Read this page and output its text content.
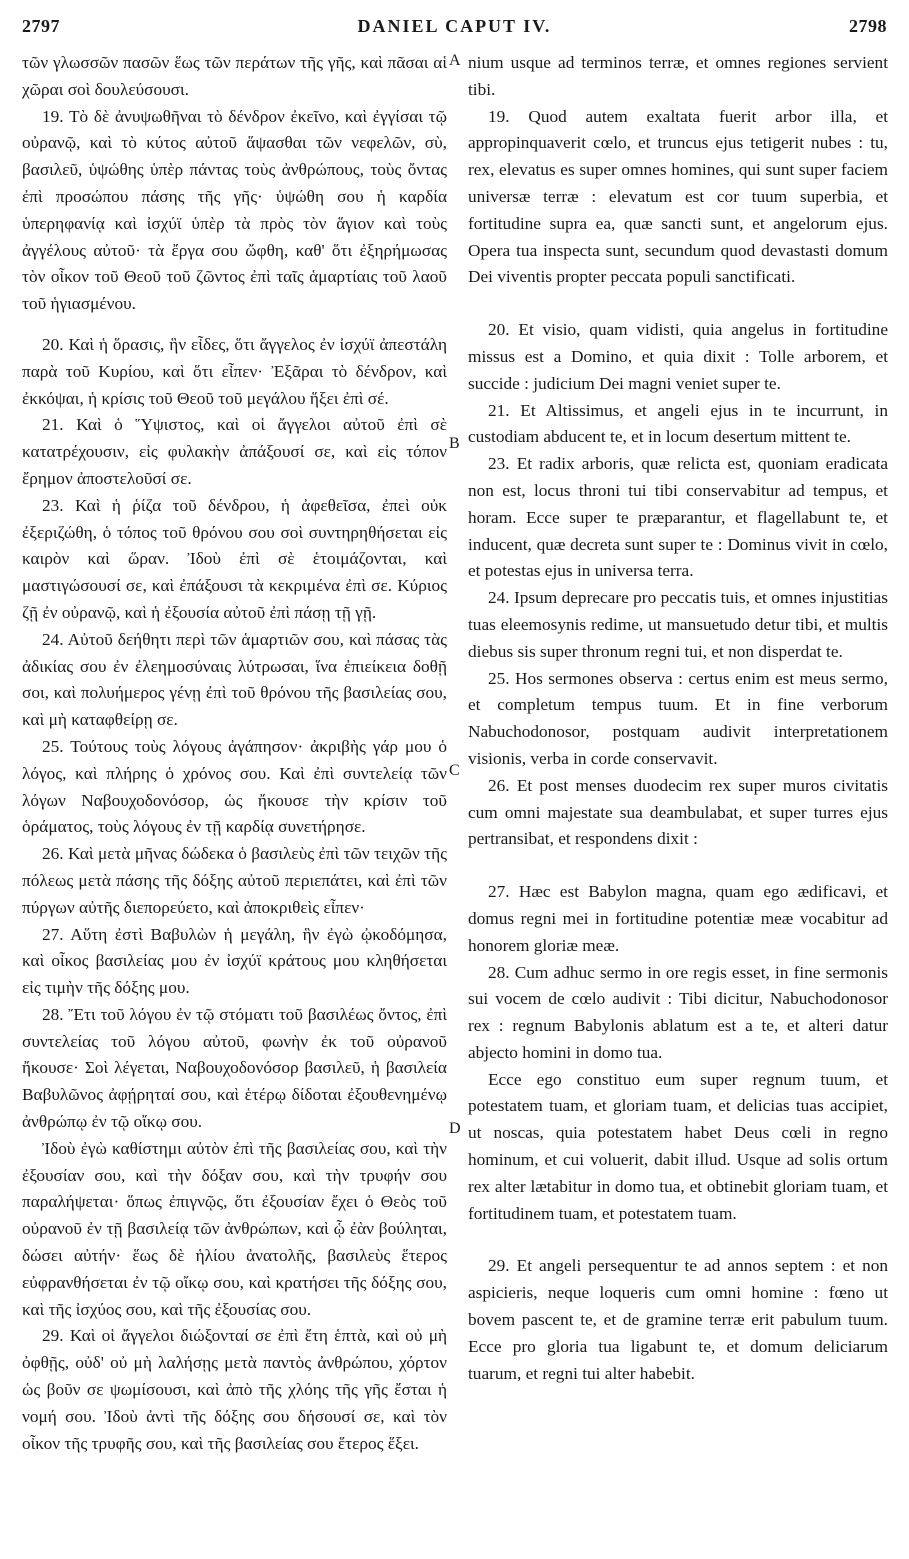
2797	DANIEL CAPUT IV.	2798
A
B
C
D

τῶν γλωσσῶν πασῶν ἕως τῶν περάτων τῆς γῆς, καὶ πᾶσαι αἱ χῶραι σοὶ δουλεύσουσι.

19. Τὸ δὲ ἀνυψωθῆναι τὸ δένδρον ἐκεῖνο, καὶ ἐγγίσαι τῷ οὐρανῷ, καὶ τὸ κύτος αὐτοῦ ἅψασθαι τῶν νεφελῶν, σὺ, βασιλεῦ, ὑψώθης ὑπὲρ πάντας τοὺς ἀνθρώπους, τοὺς ὄντας ἐπὶ προσώπου πάσης τῆς γῆς· ὑψώθη σου ἡ καρδία ὑπερηφανίᾳ καὶ ἰσχύϊ ὑπὲρ τὰ πρὸς τὸν ἅγιον καὶ τοὺς ἀγγέλους αὐτοῦ· τὰ ἔργα σου ὤφθη, καθ' ὅτι ἐξηρήμωσας τὸν οἶκον τοῦ Θεοῦ τοῦ ζῶντος ἐπὶ ταῖς ἁμαρτίαις τοῦ λαοῦ τοῦ ἡγιασμένου.

20. Καὶ ἡ ὅρασις, ἣν εἶδες, ὅτι ἄγγελος ἐν ἰσχύϊ ἀπεστάλη παρὰ τοῦ Κυρίου, καὶ ὅτι εἶπεν· Ἐξᾶραι τὸ δένδρον, καὶ ἐκκόψαι, ἡ κρίσις τοῦ Θεοῦ τοῦ μεγάλου ἥξει ἐπὶ σέ.

21. Καὶ ὁ Ὕψιστος, καὶ οἱ ἄγγελοι αὐτοῦ ἐπὶ σὲ κατατρέχουσιν, εἰς φυλακὴν ἀπάξουσί σε, καὶ εἰς τόπον ἔρημον ἀποστελοῦσί σε.

23. Καὶ ἡ ῥίζα τοῦ δένδρου, ἡ ἀφεθεῖσα, ἐπεὶ οὐκ ἐξεριζώθη, ὁ τόπος τοῦ θρόνου σου σοὶ συντηρηθήσεται εἰς καιρὸν καὶ ὥραν. Ἰδοὺ ἐπὶ σὲ ἑτοιμάζονται, καὶ μαστιγώσουσί σε, καὶ ἐπάξουσι τὰ κεκριμένα ἐπὶ σε. Κύριος ζῇ ἐν οὐρανῷ, καὶ ἡ ἐξουσία αὐτοῦ ἐπὶ πάσῃ τῇ γῇ.

24. Αὐτοῦ δεήθητι περὶ τῶν ἁμαρτιῶν σου, καὶ πάσας τὰς ἀδικίας σου ἐν ἐλεημοσύναις λύτρωσαι, ἵνα ἐπιείκεια δοθῇ σοι, καὶ πολυήμερος γένῃ ἐπὶ τοῦ θρόνου τῆς βασιλείας σου, καὶ μὴ καταφθείρῃ σε.

25. Τούτους τοὺς λόγους ἀγάπησον· ἀκριβὴς γάρ μου ὁ λόγος, καὶ πλήρης ὁ χρόνος σου. Καὶ ἐπὶ συντελείᾳ τῶν λόγων Ναβουχοδονόσορ, ὡς ἤκουσε τὴν κρίσιν τοῦ ὁράματος, τοὺς λόγους ἐν τῇ καρδίᾳ συνετήρησε.

26. Καὶ μετὰ μῆνας δώδεκα ὁ βασιλεὺς ἐπὶ τῶν τειχῶν τῆς πόλεως μετὰ πάσης τῆς δόξης αὐτοῦ περιεπάτει, καὶ ἐπὶ τῶν πύργων αὐτῆς διεπορεύετο, καὶ ἀποκριθεὶς εἶπεν·

27. Αὕτη ἐστὶ Βαβυλὼν ἡ μεγάλη, ἣν ἐγὼ ᾠκοδόμησα, καὶ οἶκος βασιλείας μου ἐν ἰσχύϊ κράτους μου κληθήσεται εἰς τιμὴν τῆς δόξης μου.

28. Ἔτι τοῦ λόγου ἐν τῷ στόματι τοῦ βασιλέως ὄντος, ἐπὶ συντελείας τοῦ λόγου αὐτοῦ, φωνὴν ἐκ τοῦ οὐρανοῦ ἤκουσε· Σοὶ λέγεται, Ναβουχοδονόσορ βασιλεῦ, ἡ βασιλεία Βαβυλῶνος ἀφῄρηταί σου, καὶ ἑτέρῳ δίδοται ἐξουθενημένῳ ἀνθρώπῳ ἐν τῷ οἴκῳ σου.

Ἰδοὺ ἐγὼ καθίστημι αὐτὸν ἐπὶ τῆς βασιλείας σου, καὶ τὴν ἐξουσίαν σου, καὶ τὴν δόξαν σου, καὶ τὴν τρυφήν σου παραλήψεται· ὅπως ἐπιγνῷς, ὅτι ἐξουσίαν ἔχει ὁ Θεὸς τοῦ οὐρανοῦ ἐν τῇ βασιλείᾳ τῶν ἀνθρώπων, καὶ ᾧ ἐὰν βούληται, δώσει αὐτήν· ἕως δὲ ἡλίου ἀνατολῆς, βασιλεὺς ἕτερος εὐφρανθήσεται ἐν τῷ οἴκῳ σου, καὶ κρατήσει τῆς δόξης σου, καὶ τῆς ἰσχύος σου, καὶ τῆς ἐξουσίας σου.

29. Καὶ οἱ ἄγγελοι διώξονταί σε ἐπὶ ἔτη ἑπτὰ, καὶ οὐ μὴ ὀφθῇς, οὐδ' οὐ μὴ λαλήσῃς μετὰ παντὸς ἀνθρώπου, χόρτον ὡς βοῦν σε ψωμίσουσι, καὶ ἀπὸ τῆς χλόης τῆς γῆς ἔσται ἡ νομή σου. Ἰδοὺ ἀντὶ τῆς δόξης σου δήσουσί σε, καὶ τὸν οἶκον τῆς τρυφῆς σου, καὶ τῆς βασιλείας σου ἕτερος ἕξει.

nium usque ad terminos terræ, et omnes regiones servient tibi.

19. Quod autem exaltata fuerit arbor illa, et appropinquaverit cœlo, et truncus ejus tetigerit nubes : tu, rex, elevatus es super omnes homines, qui sunt super faciem universæ terræ : elevatum est cor tuum superbia, et fortitudine supra ea, quæ sancti sunt, et angelorum ejus. Opera tua inspecta sunt, secundum quod devastasti domum Dei viventis propter peccata populi sanctificati.

20. Et visio, quam vidisti, quia angelus in fortitudine missus est a Domino, et quia dixit : Tolle arborem, et succide : judicium Dei magni veniet super te.

21. Et Altissimus, et angeli ejus in te incurrunt, in custodiam abducent te, et in locum desertum mittent te.

23. Et radix arboris, quæ relicta est, quoniam eradicata non est, locus throni tui tibi conservabitur ad tempus, et horam. Ecce super te præparantur, et flagellabunt te, et inducent, quæ decreta sunt super te : Dominus vivit in cœlo, et potestas ejus in universa terra.

24. Ipsum deprecare pro peccatis tuis, et omnes injustitias tuas eleemosynis redime, ut mansuetudo detur tibi, et multis diebus sis super thronum regni tui, et non disperdat te.

25. Hos sermones observa : certus enim est meus sermo, et completum tempus tuum. Et in fine verborum Nabuchodonosor, postquam audivit interpretationem visionis, verba in corde conservavit.

26. Et post menses duodecim rex super muros civitatis cum omni majestate sua deambulabat, et super turres ejus pertransibat, et respondens dixit :

27. Hæc est Babylon magna, quam ego ædificavi, et domus regni mei in fortitudine potentiæ meæ vocabitur ad honorem gloriæ meæ.

28. Cum adhuc sermo in ore regis esset, in fine sermonis sui vocem de cœlo audivit : Tibi dicitur, Nabuchodonosor rex : regnum Babylonis ablatum est a te, et alteri datur abjecto homini in domo tua.

Ecce ego constituo eum super regnum tuum, et potestatem tuam, et gloriam tuam, et delicias tuas accipiet, ut noscas, quia potestatem habet Deus cœli in regno hominum, et cui voluerit, dabit illud. Usque ad solis ortum rex alter lætabitur in domo tua, et obtinebit gloriam tuam, et fortitudinem tuam, et potestatem tuam.

29. Et angeli persequentur te ad annos septem : et non aspicieris, neque loqueris cum omni homine : fœno ut bovem pascent te, et de gramine terræ erit pabulum tuum. Ecce pro gloria tua ligabunt te, et domum deliciarum tuarum, et regni tui alter habebit.
